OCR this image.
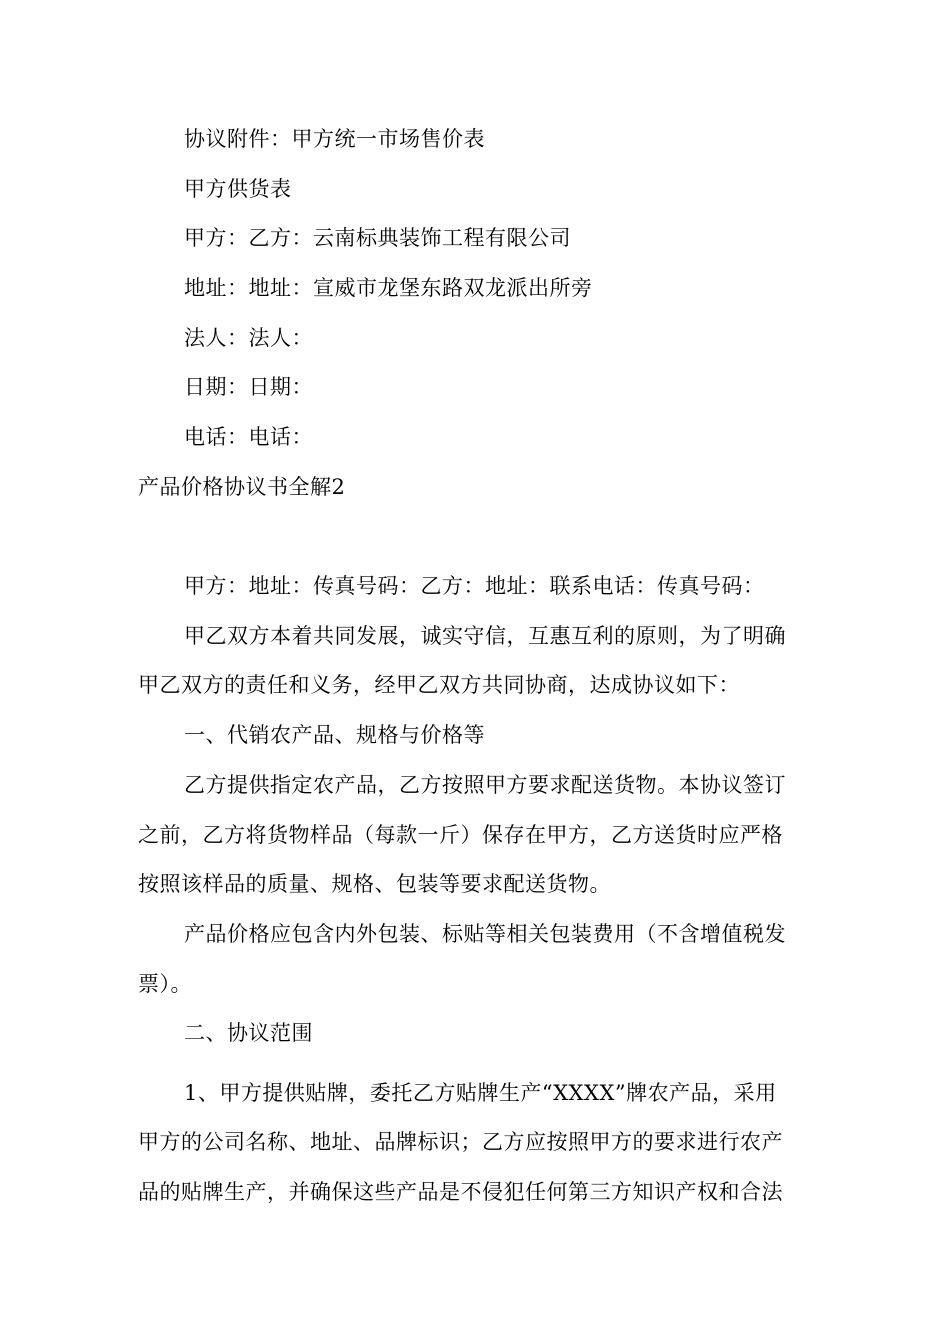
协议附件：甲方统一市场售价表
甲方供货表
甲方：乙方：云南标典装饰工程有限公司
地址：地址：宣威市龙堡东路双龙派出所旁
法人：法人：
日期：日期：
电话：电话：
产品价格协议书全解2
甲方：地址：传真号码：乙方：地址：联系电话：传真号码：
甲乙双方本着共同发展，诚实守信，互惠互利的原则，为了明确
甲乙双方的责任和义务，经甲乙双方共同协商，达成协议如下：
一、代销农产品、规格与价格等
乙方提供指定农产品，乙方按照甲方要求配送货物。本协议签订
之前，乙方将货物样品（每款一斤）保存在甲方，乙方送货时应严格
按照该样品的质量、规格、包装等要求配送货物。
产品价格应包含内外包装、标贴等相关包装费用（不含增值税发
票）。
二、协议范围
1、甲方提供贴牌，委托乙方贴牌生产“XXXX”牌农产品，采用
甲方的公司名称、地址、品牌标识；乙方应按照甲方的要求进行农产
品的贴牌生产，并确保这些产品是不侵犯任何第三方知识产权和合法
